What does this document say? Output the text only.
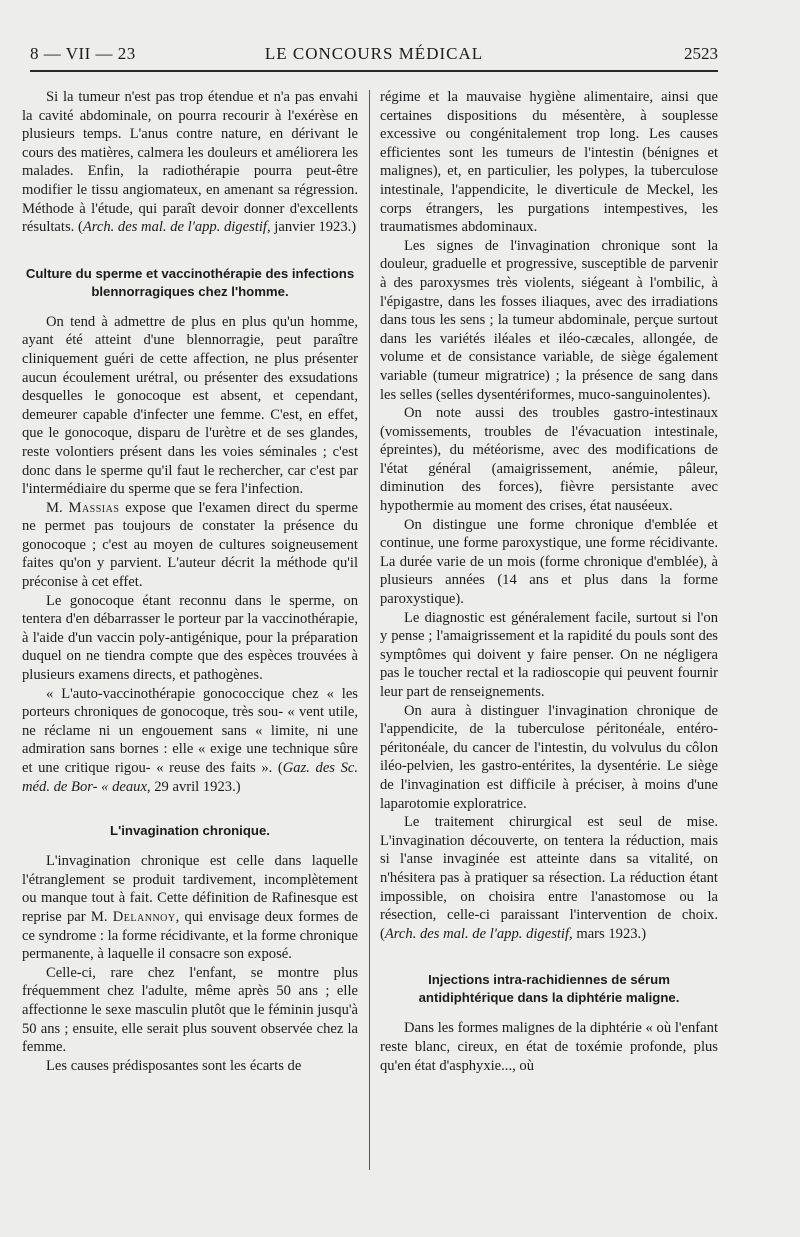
8 — VII — 23	LE CONCOURS MÉDICAL	2523

Si la tumeur n'est pas trop étendue et n'a pas envahi la cavité abdominale, on pourra recourir à l'exérèse en plusieurs temps. L'anus contre nature, en dérivant le cours des matières, calmera les douleurs et améliorera les malades. Enfin, la radiothérapie pourra peut-être modifier le tissu angiomateux, en amenant sa régression. Méthode à l'étude, qui paraît devoir donner d'excellents résultats. (Arch. des mal. de l'app. digestif, janvier 1923.)

Culture du sperme et vaccinothérapie des infections blennorragiques chez l'homme.

On tend à admettre de plus en plus qu'un homme, ayant été atteint d'une blennorragie, peut paraître cliniquement guéri de cette affection, ne plus présenter aucun écoulement urétral, ou présenter des exsudations desquelles le gonocoque est absent, et cependant, demeurer capable d'infecter une femme. C'est, en effet, que le gonocoque, disparu de l'urètre et de ses glandes, reste volontiers présent dans les voies séminales ; c'est donc dans le sperme qu'il faut le rechercher, car c'est par l'intermédiaire du sperme que se fera l'infection.

M. Massias expose que l'examen direct du sperme ne permet pas toujours de constater la présence du gonocoque ; c'est au moyen de cultures soigneusement faites qu'on y parvient. L'auteur décrit la méthode qu'il préconise à cet effet.

Le gonocoque étant reconnu dans le sperme, on tentera d'en débarrasser le porteur par la vaccinothérapie, à l'aide d'un vaccin poly-antigénique, pour la préparation duquel on ne tiendra compte que des espèces trouvées à plusieurs examens directs, et pathogènes.

« L'auto-vaccinothérapie gonococcique chez « les porteurs chroniques de gonocoque, très sou- « vent utile, ne réclame ni un engouement sans « limite, ni une admiration sans bornes : elle « exige une technique sûre et une critique rigou- « reuse des faits ». (Gaz. des Sc. méd. de Bor- « deaux, 29 avril 1923.)

L'invagination chronique.

L'invagination chronique est celle dans laquelle l'étranglement se produit tardivement, incomplètement ou manque tout à fait. Cette définition de Rafinesque est reprise par M. Delannoy, qui envisage deux formes de ce syndrome : la forme récidivante, et la forme chronique permanente, à laquelle il consacre son exposé.

Celle-ci, rare chez l'enfant, se montre plus fréquemment chez l'adulte, même après 50 ans ; elle affectionne le sexe masculin plutôt que le féminin jusqu'à 50 ans ; ensuite, elle serait plus souvent observée chez la femme.

Les causes prédisposantes sont les écarts de

régime et la mauvaise hygiène alimentaire, ainsi que certaines dispositions du mésentère, à souplesse excessive ou congénitalement trop long. Les causes efficientes sont les tumeurs de l'intestin (bénignes et malignes), et, en particulier, les polypes, la tuberculose intestinale, l'appendicite, le diverticule de Meckel, les corps étrangers, les purgations intempestives, les traumatismes abdominaux.

Les signes de l'invagination chronique sont la douleur, graduelle et progressive, susceptible de parvenir à des paroxysmes très violents, siégeant à l'ombilic, à l'épigastre, dans les fosses iliaques, avec des irradiations dans tous les sens ; la tumeur abdominale, perçue surtout dans les variétés iléales et iléo-cæcales, allongée, de volume et de consistance variable, de siège également variable (tumeur migratrice) ; la présence de sang dans les selles (selles dysentériformes, muco-sanguinolentes).

On note aussi des troubles gastro-intestinaux (vomissements, troubles de l'évacuation intestinale, épreintes), du météorisme, avec des modifications de l'état général (amaigrissement, anémie, pâleur, diminution des forces), fièvre persistante avec hypothermie au moment des crises, état nauséeux.

On distingue une forme chronique d'emblée et continue, une forme paroxystique, une forme récidivante. La durée varie de un mois (forme chronique d'emblée), à plusieurs années (14 ans et plus dans la forme paroxystique).

Le diagnostic est généralement facile, surtout si l'on y pense ; l'amaigrissement et la rapidité du pouls sont des symptômes qui doivent y faire penser. On ne négligera pas le toucher rectal et la radioscopie qui peuvent fournir leur part de renseignements.

On aura à distinguer l'invagination chronique de l'appendicite, de la tuberculose péritonéale, entéro-péritonéale, du cancer de l'intestin, du volvulus du côlon iléo-pelvien, les gastro-entérites, la dysentérie. Le siège de l'invagination est difficile à préciser, à moins d'une laparotomie exploratrice.

Le traitement chirurgical est seul de mise. L'invagination découverte, on tentera la réduction, mais si l'anse invaginée est atteinte dans sa vitalité, on n'hésitera pas à pratiquer sa résection. La réduction étant impossible, on choisira entre l'anastomose ou la résection, celle-ci paraissant l'intervention de choix. (Arch. des mal. de l'app. digestif, mars 1923.)

Injections intra-rachidiennes de sérum antidiphtérique dans la diphtérie maligne.

Dans les formes malignes de la diphtérie « où l'enfant reste blanc, cireux, en état de toxémie profonde, plus qu'en état d'asphyxie..., où
